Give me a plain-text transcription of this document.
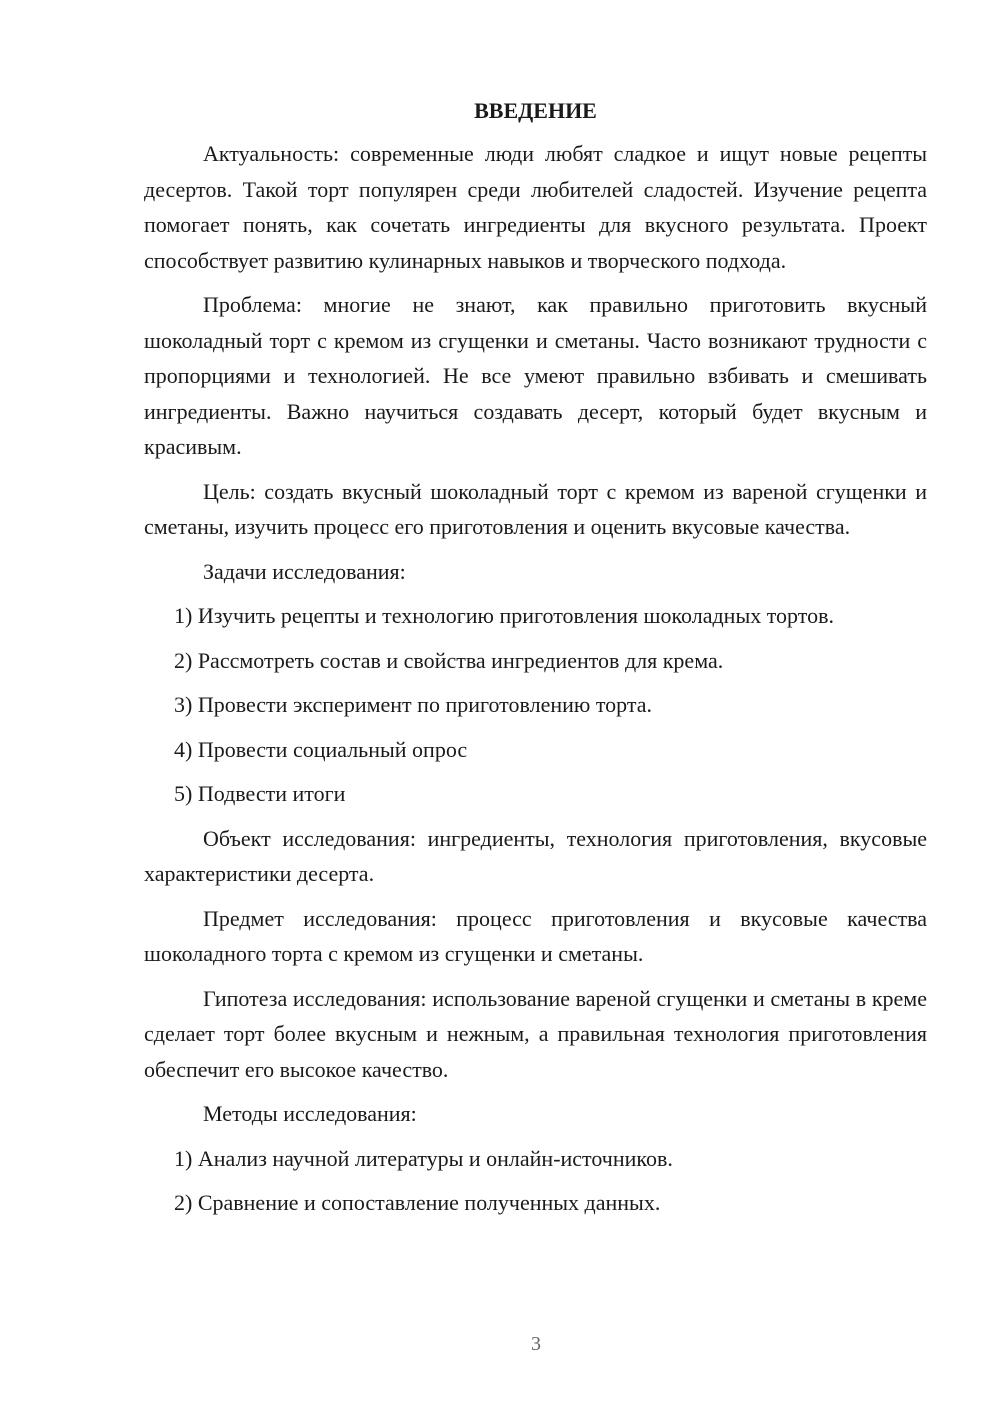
ВВЕДЕНИЕ

Актуальность: современные люди любят сладкое и ищут новые рецепты десертов. Такой торт популярен среди любителей сладостей. Изучение рецепта помогает понять, как сочетать ингредиенты для вкусного результата. Проект способствует развитию кулинарных навыков и творческого подхода.

Проблема: многие не знают, как правильно приготовить вкусный шоколадный торт с кремом из сгущенки и сметаны. Часто возникают трудности с пропорциями и технологией. Не все умеют правильно взбивать и смешивать ингредиенты. Важно научиться создавать десерт, который будет вкусным и красивым.

Цель: создать вкусный шоколадный торт с кремом из вареной сгущенки и сметаны, изучить процесс его приготовления и оценить вкусовые качества.

Задачи исследования:

1) Изучить рецепты и технологию приготовления шоколадных тортов.

2) Рассмотреть состав и свойства ингредиентов для крема.

3) Провести эксперимент по приготовлению торта.

4) Провести социальный опрос

5) Подвести итоги

Объект исследования: ингредиенты, технология приготовления, вкусовые характеристики десерта.

Предмет исследования: процесс приготовления и вкусовые качества шоколадного торта с кремом из сгущенки и сметаны.

Гипотеза исследования: использование вареной сгущенки и сметаны в креме сделает торт более вкусным и нежным, а правильная технология приготовления обеспечит его высокое качество.

Методы исследования:

1) Анализ научной литературы и онлайн-источников.

2) Сравнение и сопоставление полученных данных.

3
